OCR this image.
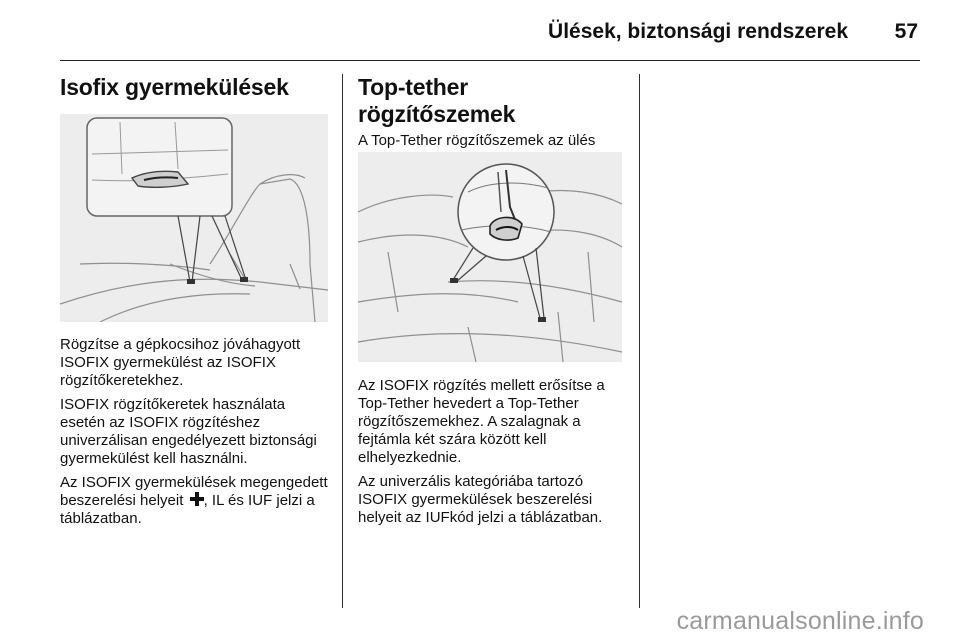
Ülések, biztonsági rendszerek 57
Isofix gyermekülések

Rögzítse a gépkocsihoz jóváhagyott ISOFIX gyermekülést az ISOFIX rögzítőkeretekhez.

ISOFIX rögzítőkeretek használata esetén az ISOFIX rögzítéshez univerzálisan engedélyezett biztonsági gyermekülést kell használni.

Az ISOFIX gyermekülések megengedett beszerelési helyeit , IL és IUF jelzi a táblázatban.

Top-tether rögzítőszemek

A Top-Tether rögzítőszemek az ülés

Az ISOFIX rögzítés mellett erősítse a Top-Tether hevedert a Top-Tether rögzítőszemekhez. A szalagnak a fejtámla két szára között kell elhelyezkednie.

Az univerzális kategóriába tartozó ISOFIX gyermekülések beszerelési helyeit az IUFkód jelzi a táblázatban.

carmanualsonline.info
